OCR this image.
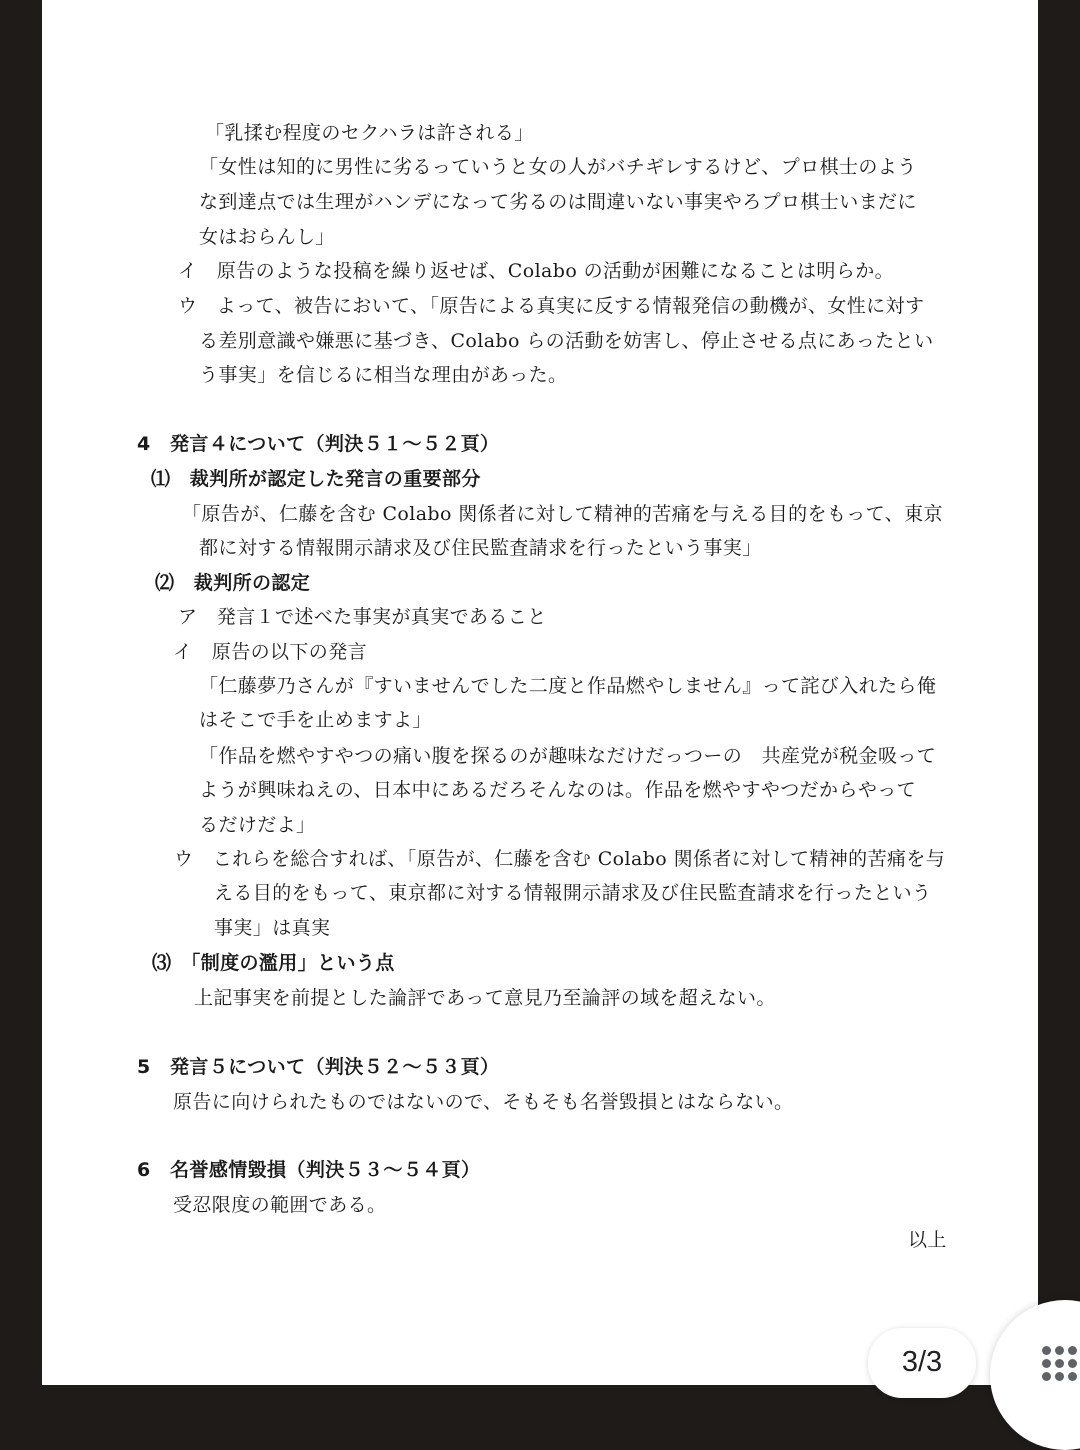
「乳揉む程度のセクハラは許される」
「女性は知的に男性に劣るっていうと女の人がバチギレするけど、プロ棋士のよう
な到達点では生理がハンデになって劣るのは間違いない事実やろプロ棋士いまだに
女はおらんし」
イ　原告のような投稿を繰り返せば、Colabo の活動が困難になることは明らか。
ウ　よって、被告において、「原告による真実に反する情報発信の動機が、女性に対す
る差別意識や嫌悪に基づき、Colabo らの活動を妨害し、停止させる点にあったとい
う事実」を信じるに相当な理由があった。
4　発言４について（判決５１～５２頁）
⑴　裁判所が認定した発言の重要部分
「原告が、仁藤を含む Colabo 関係者に対して精神的苦痛を与える目的をもって、東京
都に対する情報開示請求及び住民監査請求を行ったという事実」
⑵　裁判所の認定
ア　発言１で述べた事実が真実であること
イ　原告の以下の発言
「仁藤夢乃さんが『すいませんでした二度と作品燃やしません』って詫び入れたら俺
はそこで手を止めますよ」
「作品を燃やすやつの痛い腹を探るのが趣味なだけだっつーの　共産党が税金吸って
ようが興味ねえの、日本中にあるだろそんなのは。作品を燃やすやつだからやって
るだけだよ」
ウ　これらを総合すれば、「原告が、仁藤を含む Colabo 関係者に対して精神的苦痛を与
える目的をもって、東京都に対する情報開示請求及び住民監査請求を行ったという
事実」は真実
⑶　「制度の濫用」という点
上記事実を前提とした論評であって意見乃至論評の域を超えない。
5　発言５について（判決５２～５３頁）
原告に向けられたものではないので、そもそも名誉毀損とはならない。
6　名誉感情毀損（判決５３～５４頁）
受忍限度の範囲である。
以上
3/3
